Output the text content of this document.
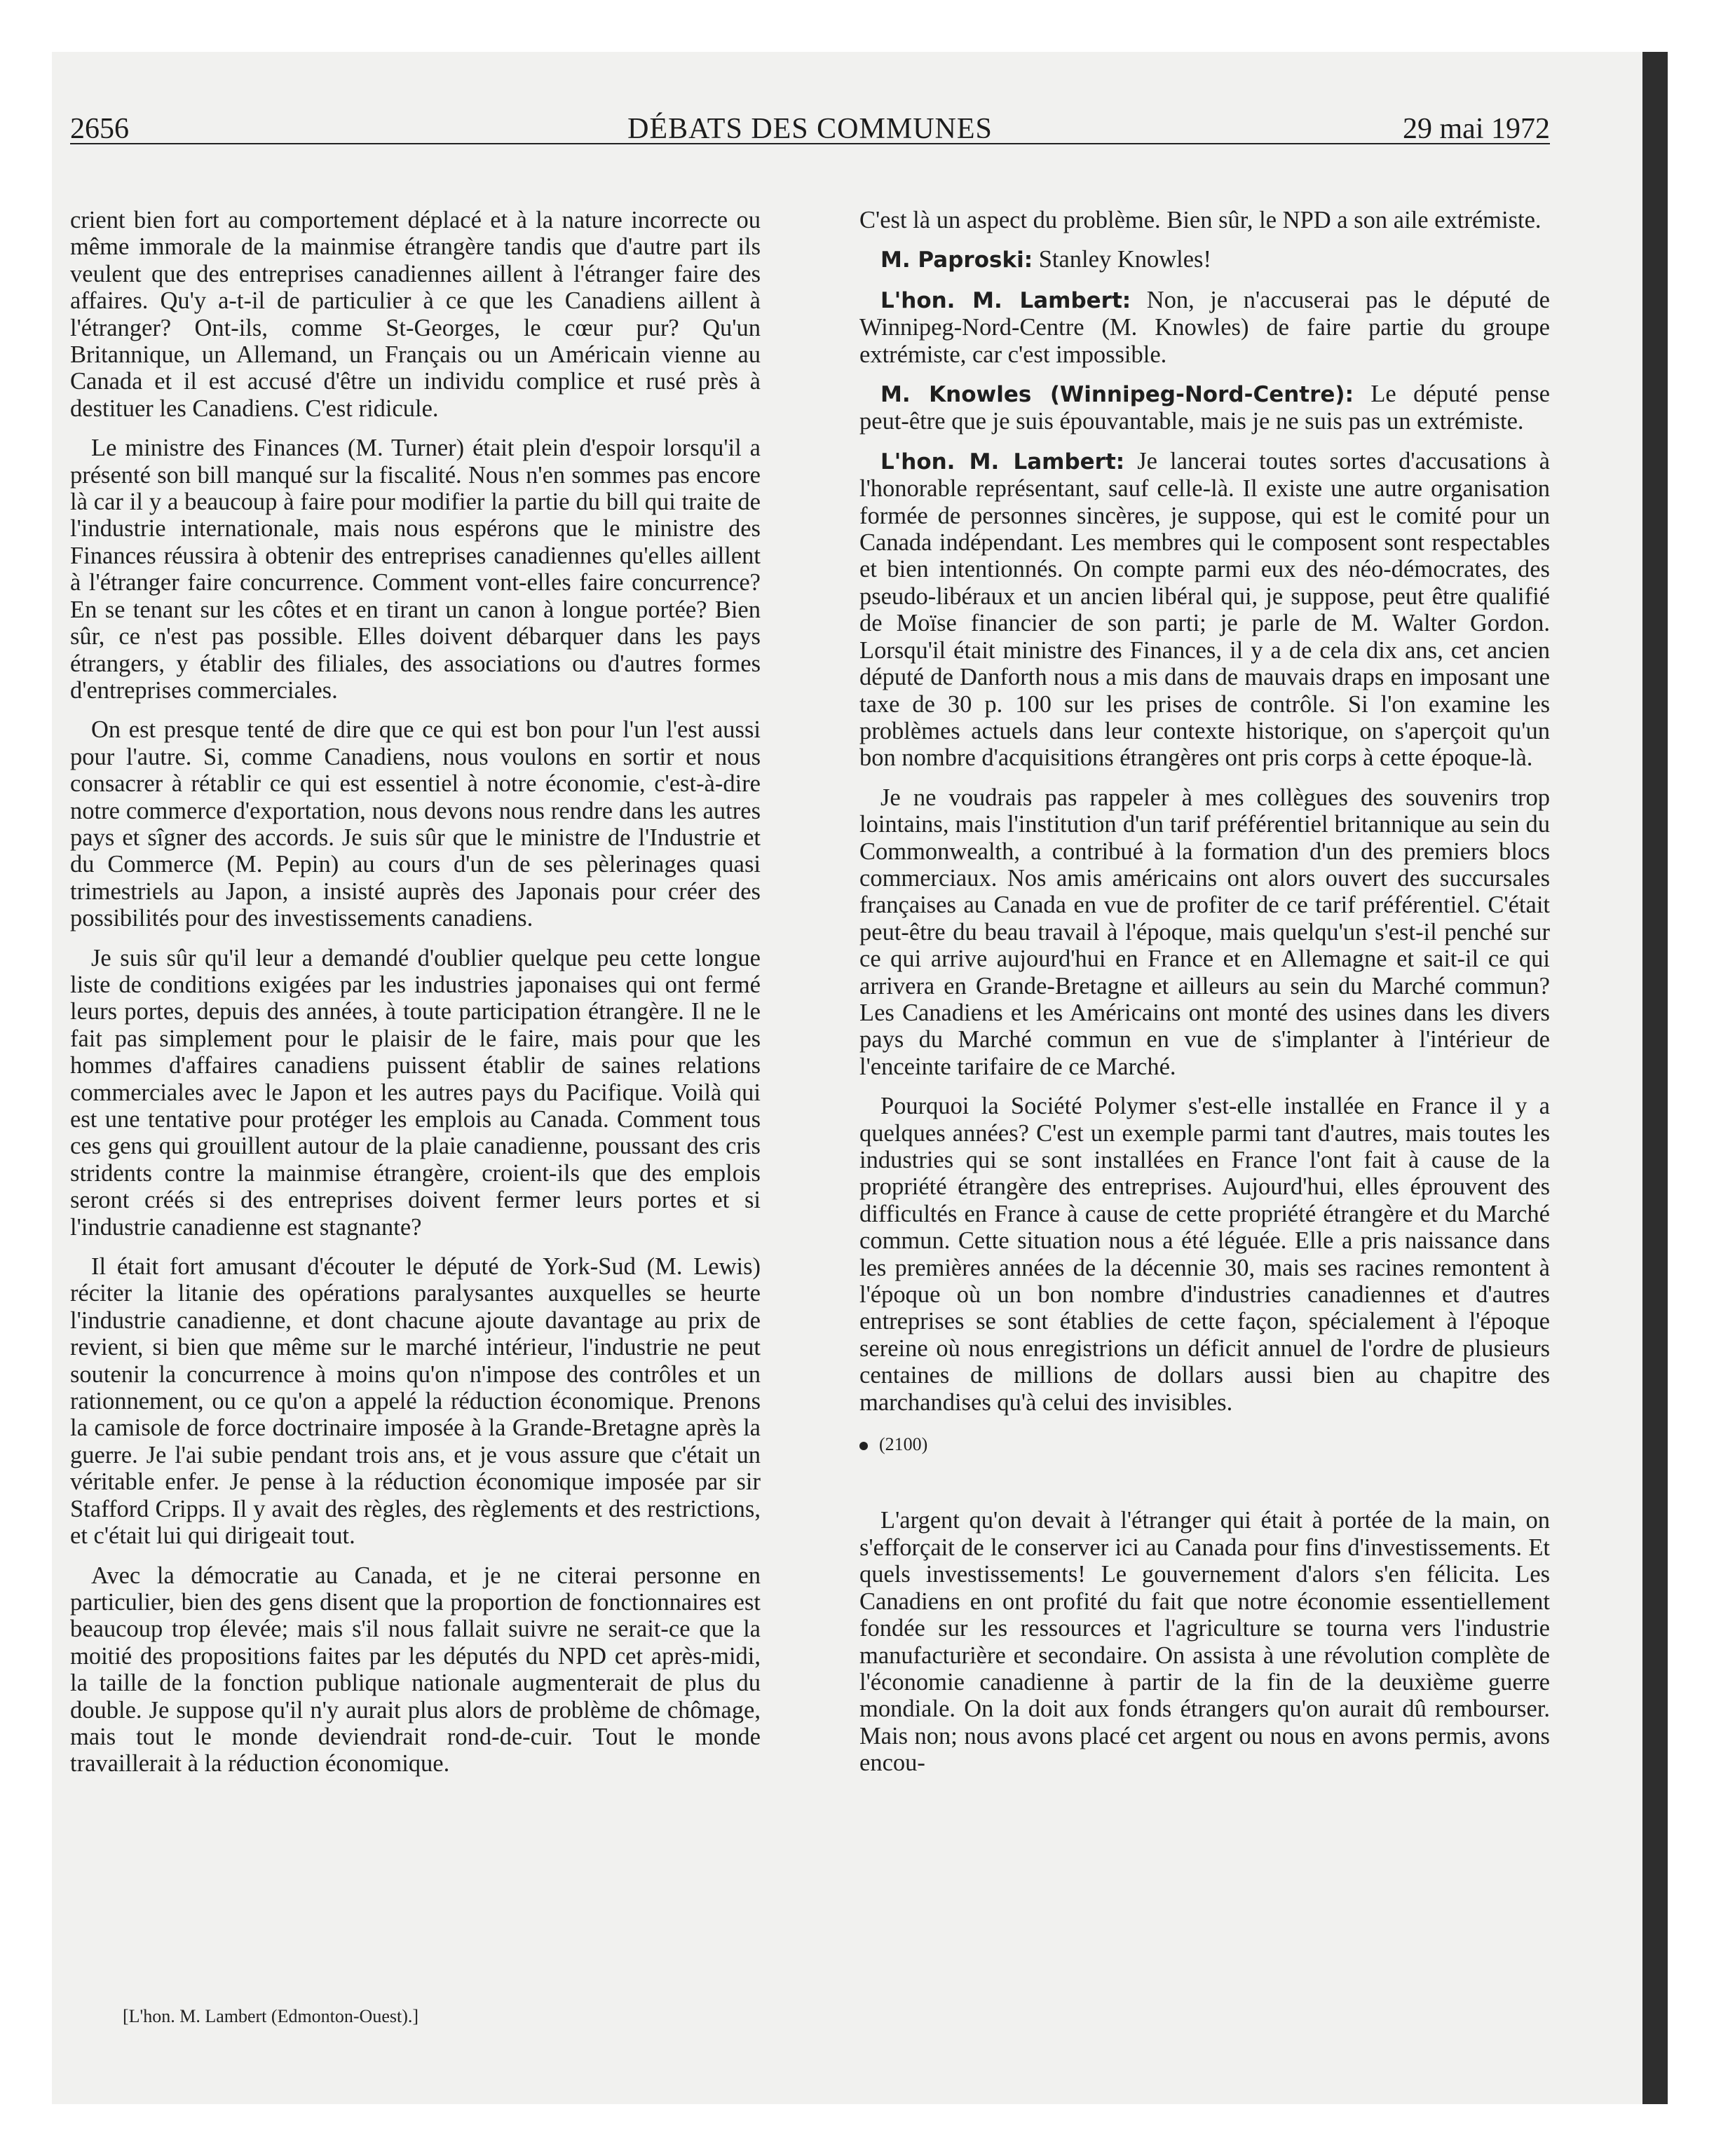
2656	DÉBATS DES COMMUNES	29 mai 1972

crient bien fort au comportement déplacé et à la nature incorrecte ou même immorale de la mainmise étrangère tandis que d'autre part ils veulent que des entreprises canadiennes aillent à l'étranger faire des affaires. Qu'y a-t-il de particulier à ce que les Canadiens aillent à l'étranger? Ont-ils, comme St-Georges, le cœur pur? Qu'un Britannique, un Allemand, un Français ou un Américain vienne au Canada et il est accusé d'être un individu complice et rusé près à destituer les Canadiens. C'est ridicule.

Le ministre des Finances (M. Turner) était plein d'espoir lorsqu'il a présenté son bill manqué sur la fiscalité. Nous n'en sommes pas encore là car il y a beaucoup à faire pour modifier la partie du bill qui traite de l'industrie internationale, mais nous espérons que le ministre des Finances réussira à obtenir des entreprises canadiennes qu'elles aillent à l'étranger faire concurrence. Comment vont-elles faire concurrence? En se tenant sur les côtes et en tirant un canon à longue portée? Bien sûr, ce n'est pas possible. Elles doivent débarquer dans les pays étrangers, y établir des filiales, des associations ou d'autres formes d'entreprises commerciales.

On est presque tenté de dire que ce qui est bon pour l'un l'est aussi pour l'autre. Si, comme Canadiens, nous voulons en sortir et nous consacrer à rétablir ce qui est essentiel à notre économie, c'est-à-dire notre commerce d'exportation, nous devons nous rendre dans les autres pays et sîgner des accords. Je suis sûr que le ministre de l'Industrie et du Commerce (M. Pepin) au cours d'un de ses pèlerinages quasi trimestriels au Japon, a insisté auprès des Japonais pour créer des possibilités pour des investissements canadiens.

Je suis sûr qu'il leur a demandé d'oublier quelque peu cette longue liste de conditions exigées par les industries japonaises qui ont fermé leurs portes, depuis des années, à toute participation étrangère. Il ne le fait pas simplement pour le plaisir de le faire, mais pour que les hommes d'affaires canadiens puissent établir de saines relations commerciales avec le Japon et les autres pays du Pacifique. Voilà qui est une tentative pour protéger les emplois au Canada. Comment tous ces gens qui grouillent autour de la plaie canadienne, poussant des cris stridents contre la mainmise étrangère, croient-ils que des emplois seront créés si des entreprises doivent fermer leurs portes et si l'industrie canadienne est stagnante?

Il était fort amusant d'écouter le député de York-Sud (M. Lewis) réciter la litanie des opérations paralysantes auxquelles se heurte l'industrie canadienne, et dont chacune ajoute davantage au prix de revient, si bien que même sur le marché intérieur, l'industrie ne peut soutenir la concurrence à moins qu'on n'impose des contrôles et un rationnement, ou ce qu'on a appelé la réduction économique. Prenons la camisole de force doctrinaire imposée à la Grande-Bretagne après la guerre. Je l'ai subie pendant trois ans, et je vous assure que c'était un véritable enfer. Je pense à la réduction économique imposée par sir Stafford Cripps. Il y avait des règles, des règlements et des restrictions, et c'était lui qui dirigeait tout.

Avec la démocratie au Canada, et je ne citerai personne en particulier, bien des gens disent que la proportion de fonctionnaires est beaucoup trop élevée; mais s'il nous fallait suivre ne serait-ce que la moitié des propositions faites par les députés du NPD cet après-midi, la taille de la fonction publique nationale augmenterait de plus du double. Je suppose qu'il n'y aurait plus alors de problème de chômage, mais tout le monde deviendrait rond-de-cuir. Tout le monde travaillerait à la réduction économique.

C'est là un aspect du problème. Bien sûr, le NPD a son aile extrémiste.

M. Paproski: Stanley Knowles!

L'hon. M. Lambert: Non, je n'accuserai pas le député de Winnipeg-Nord-Centre (M. Knowles) de faire partie du groupe extrémiste, car c'est impossible.

M. Knowles (Winnipeg-Nord-Centre): Le député pense peut-être que je suis épouvantable, mais je ne suis pas un extrémiste.

L'hon. M. Lambert: Je lancerai toutes sortes d'accusations à l'honorable représentant, sauf celle-là. Il existe une autre organisation formée de personnes sincères, je suppose, qui est le comité pour un Canada indépendant. Les membres qui le composent sont respectables et bien intentionnés. On compte parmi eux des néo-démocrates, des pseudo-libéraux et un ancien libéral qui, je suppose, peut être qualifié de Moïse financier de son parti; je parle de M. Walter Gordon. Lorsqu'il était ministre des Finances, il y a de cela dix ans, cet ancien député de Danforth nous a mis dans de mauvais draps en imposant une taxe de 30 p. 100 sur les prises de contrôle. Si l'on examine les problèmes actuels dans leur contexte historique, on s'aperçoit qu'un bon nombre d'acquisitions étrangères ont pris corps à cette époque-là.

Je ne voudrais pas rappeler à mes collègues des souvenirs trop lointains, mais l'institution d'un tarif préférentiel britannique au sein du Commonwealth, a contribué à la formation d'un des premiers blocs commerciaux. Nos amis américains ont alors ouvert des succursales françaises au Canada en vue de profiter de ce tarif préférentiel. C'était peut-être du beau travail à l'époque, mais quelqu'un s'est-il penché sur ce qui arrive aujourd'hui en France et en Allemagne et sait-il ce qui arrivera en Grande-Bretagne et ailleurs au sein du Marché commun? Les Canadiens et les Américains ont monté des usines dans les divers pays du Marché commun en vue de s'implanter à l'intérieur de l'enceinte tarifaire de ce Marché.

Pourquoi la Société Polymer s'est-elle installée en France il y a quelques années? C'est un exemple parmi tant d'autres, mais toutes les industries qui se sont installées en France l'ont fait à cause de la propriété étrangère des entreprises. Aujourd'hui, elles éprouvent des difficultés en France à cause de cette propriété étrangère et du Marché commun. Cette situation nous a été léguée. Elle a pris naissance dans les premières années de la décennie 30, mais ses racines remontent à l'époque où un bon nombre d'industries canadiennes et d'autres entreprises se sont établies de cette façon, spécialement à l'époque sereine où nous enregistrions un déficit annuel de l'ordre de plusieurs centaines de millions de dollars aussi bien au chapitre des marchandises qu'à celui des invisibles.

(2100)

L'argent qu'on devait à l'étranger qui était à portée de la main, on s'efforçait de le conserver ici au Canada pour fins d'investissements. Et quels investissements! Le gouvernement d'alors s'en félicita. Les Canadiens en ont profité du fait que notre économie essentiellement fondée sur les ressources et l'agriculture se tourna vers l'industrie manufacturière et secondaire. On assista à une révolution complète de l'économie canadienne à partir de la fin de la deuxième guerre mondiale. On la doit aux fonds étrangers qu'on aurait dû rembourser. Mais non; nous avons placé cet argent ou nous en avons permis, avons encou-

[L'hon. M. Lambert (Edmonton-Ouest).]
